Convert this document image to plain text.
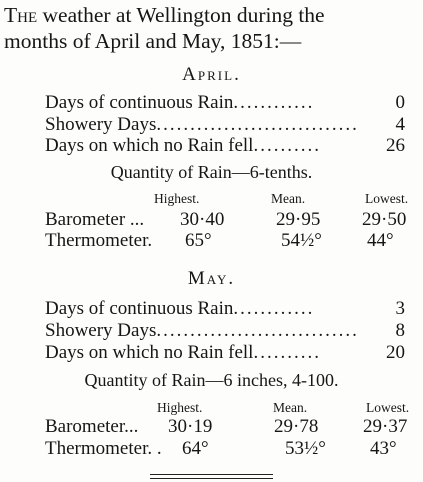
The weather at Wellington during the
months of April and May, 1851:—
April.
Days of continuous Rain ............	0
Showery Days ..............................	4
Days on which no Rain fell ..........	26
Quantity of Rain—6-tenths.
Highest.	Mean.	Lowest.
Barometer ... 30·40	29·95 29·50
Thermometer. 65°	54½° 44°
May.
Days of continuous Rain ............	3
Showery Days ..............................	8
Days on which no Rain fell ..........	20
Quantity of Rain—6 inches, 4-100.
Highest.	Mean.	Lowest.
Barometer... 30·19	29·78 29·37
Thermometer. . 64°	53½° 43°
